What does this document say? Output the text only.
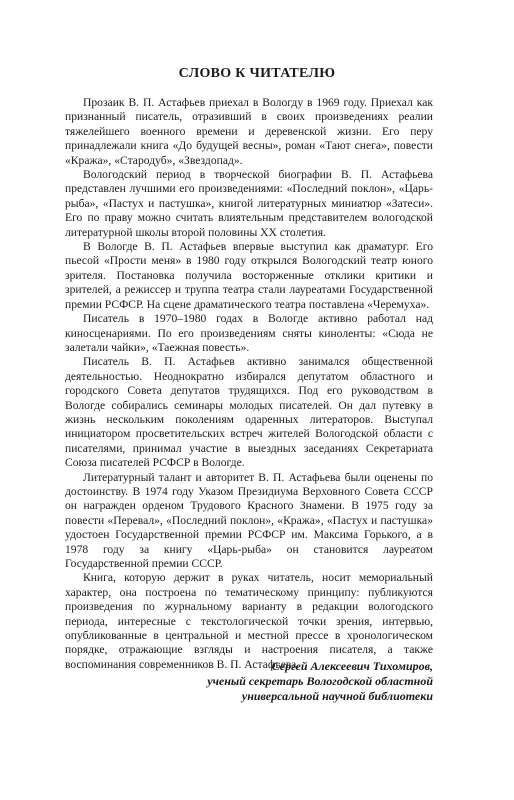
СЛОВО К ЧИТАТЕЛЮ

Прозаик В. П. Астафьев приехал в Вологду в 1969 году. Приехал как признанный писатель, отразивший в своих произведениях реалии тяжелейшего военного времени и деревенской жизни. Его перу принадлежали книга «До будущей весны», роман «Тают снега», повести «Кража», «Стародуб», «Звездопад».

Вологодский период в творческой биографии В. П. Астафьева представлен лучшими его произведениями: «Последний поклон», «Царь-рыба», «Пастух и пастушка», книгой литературных миниатюр «Затеси». Его по праву можно считать влиятельным представителем вологодской литературной школы второй половины XX столетия.

В Вологде В. П. Астафьев впервые выступил как драматург. Его пьесой «Прости меня» в 1980 году открылся Вологодский театр юного зрителя. Постановка получила восторженные отклики критики и зрителей, а режиссер и труппа театра стали лауреатами Государственной премии РСФСР. На сцене драматического театра поставлена «Черемуха».

Писатель в 1970–1980 годах в Вологде активно работал над киносценариями. По его произведениям сняты киноленты: «Сюда не залетали чайки», «Таежная повесть».

Писатель В. П. Астафьев активно занимался общественной деятельностью. Неоднократно избирался депутатом областного и городского Совета депутатов трудящихся. Под его руководством в Вологде собирались семинары молодых писателей. Он дал путевку в жизнь нескольким поколениям одаренных литераторов. Выступал инициатором просветительских встреч жителей Вологодской области с писателями, принимал участие в выездных заседаниях Секретариата Союза писателей РСФСР в Вологде.

Литературный талант и авторитет В. П. Астафьева были оценены по достоинству. В 1974 году Указом Президиума Верховного Совета СССР он награжден орденом Трудового Красного Знамени. В 1975 году за повести «Перевал», «Последний поклон», «Кража», «Пастух и пастушка» удостоен Государственной премии РСФСР им. Максима Горького, а в 1978 году за книгу «Царь-рыба» он становится лауреатом Государственной премии СССР.

Книга, которую держит в руках читатель, носит мемориальный характер, она построена по тематическому принципу: публикуются произведения по журнальному варианту в редакции вологодского периода, интересные с текстологической точки зрения, интервью, опубликованные в центральной и местной прессе в хронологическом порядке, отражающие взгляды и настроения писателя, а также воспоминания современников В. П. Астафьева.

Сергей Алексеевич Тихомиров,
ученый секретарь Вологодской областной
универсальной научной библиотеки
